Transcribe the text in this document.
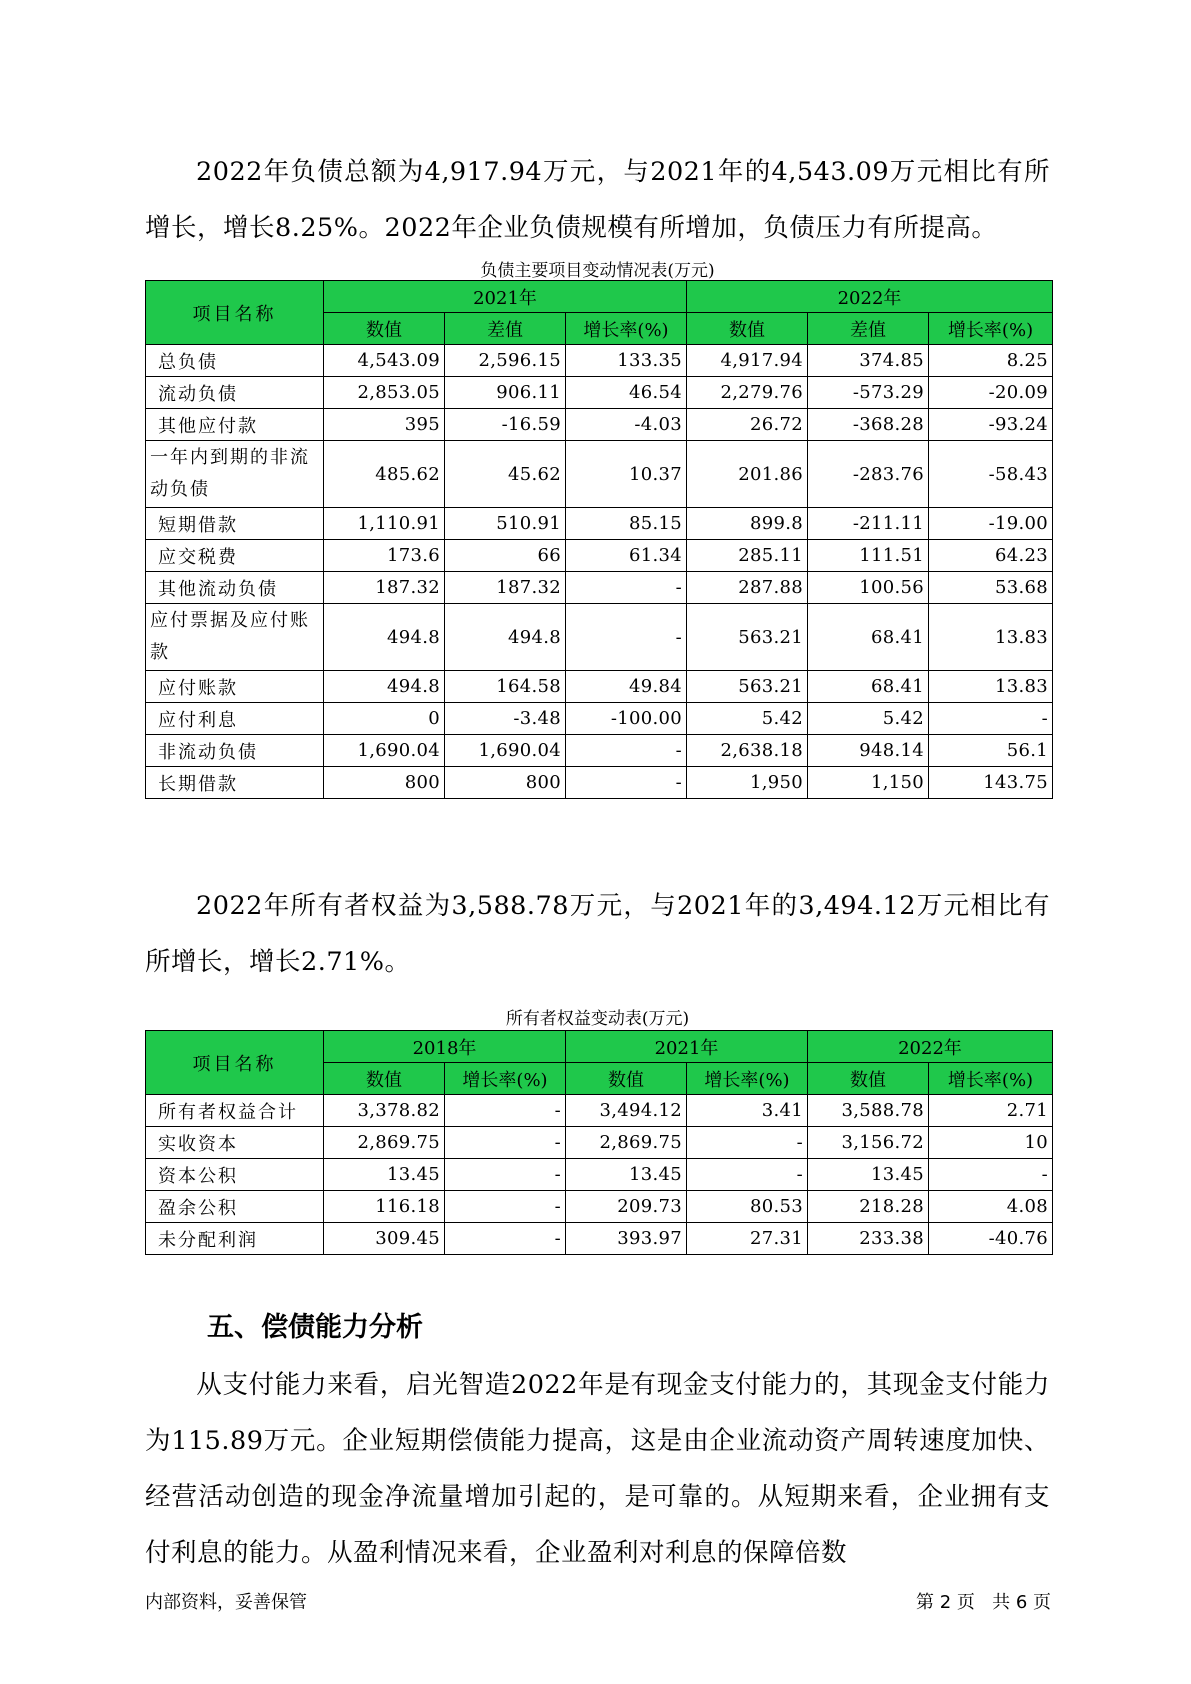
2022年负债总额为4,917.94万元，与2021年的4,543.09万元相比有所增长，增长8.25%。2022年企业负债规模有所增加，负债压力有所提高。
负债主要项目变动情况表(万元)
项目名称	2021年			2022年		
	数值	差值	增长率(%)	数值	差值	增长率(%)
总负债	4,543.09	2,596.15	133.35	4,917.94	374.85	8.25
流动负债	2,853.05	906.11	46.54	2,279.76	-573.29	-20.09
其他应付款	395	-16.59	-4.03	26.72	-368.28	-93.24
一年内到期的非流动负债	485.62	45.62	10.37	201.86	-283.76	-58.43
短期借款	1,110.91	510.91	85.15	899.8	-211.11	-19.00
应交税费	173.6	66	61.34	285.11	111.51	64.23
其他流动负债	187.32	187.32	-	287.88	100.56	53.68
应付票据及应付账款	494.8	494.8	-	563.21	68.41	13.83
应付账款	494.8	164.58	49.84	563.21	68.41	13.83
应付利息	0	-3.48	-100.00	5.42	5.42	-
非流动负债	1,690.04	1,690.04	-	2,638.18	948.14	56.1
长期借款	800	800	-	1,950	1,150	143.75
2022年所有者权益为3,588.78万元，与2021年的3,494.12万元相比有所增长，增长2.71%。
所有者权益变动表(万元)
项目名称	2018年		2021年		2022年	
	数值	增长率(%)	数值	增长率(%)	数值	增长率(%)
所有者权益合计	3,378.82	-	3,494.12	3.41	3,588.78	2.71
实收资本	2,869.75	-	2,869.75	-	3,156.72	10
资本公积	13.45	-	13.45	-	13.45	-
盈余公积	116.18	-	209.73	80.53	218.28	4.08
未分配利润	309.45	-	393.97	27.31	233.38	-40.76
五、偿债能力分析
从支付能力来看，启光智造2022年是有现金支付能力的，其现金支付能力为115.89万元。企业短期偿债能力提高，这是由企业流动资产周转速度加快、经营活动创造的现金净流量增加引起的，是可靠的。从短期来看，企业拥有支付利息的能力。从盈利情况来看，企业盈利对利息的保障倍数
内部资料，妥善保管	第 2 页   共 6 页
